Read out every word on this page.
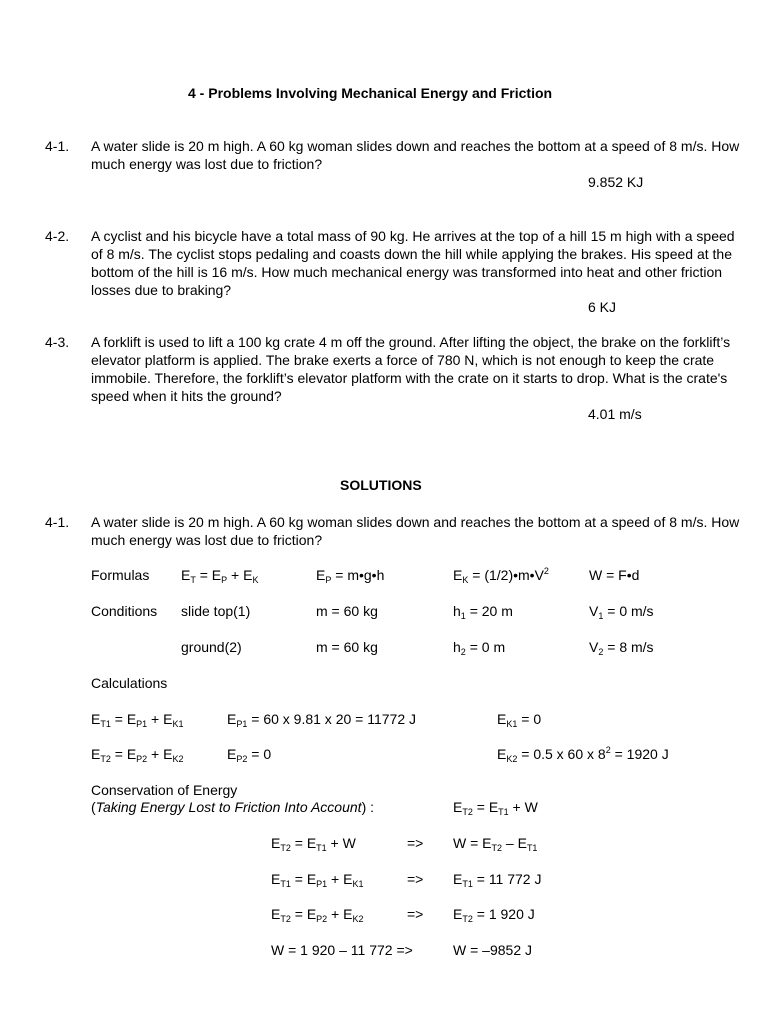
4 - Problems Involving Mechanical Energy and Friction
4-1. A water slide is 20 m high. A 60 kg woman slides down and reaches the bottom at a speed of 8 m/s. How much energy was lost due to friction?
9.852 KJ
4-2. A cyclist and his bicycle have a total mass of 90 kg. He arrives at the top of a hill 15 m high with a speed of 8 m/s. The cyclist stops pedaling and coasts down the hill while applying the brakes. His speed at the bottom of the hill is 16 m/s. How much mechanical energy was transformed into heat and other friction losses due to braking?
6 KJ
4-3. A forklift is used to lift a 100 kg crate 4 m off the ground. After lifting the object, the brake on the forklift’s elevator platform is applied. The brake exerts a force of 780 N, which is not enough to keep the crate immobile. Therefore, the forklift’s elevator platform with the crate on it starts to drop. What is the crate's speed when it hits the ground?
4.01 m/s
SOLUTIONS
4-1. A water slide is 20 m high. A 60 kg woman slides down and reaches the bottom at a speed of 8 m/s. How much energy was lost due to friction?
Formulas $E_T = E_P + E_K$	$E_P$ = m•g•h	$E_K$ = $(1/2)•m•V^2$	W = F•d
Conditions slide top(1)	m = 60 kg	$h_1 = 20$ m	$V_1 = 0$ m/s
ground(2)	m = 60 kg	$h_2 = 0$ m	$V_2 = 8$ m/s
Calculations
$E_{T1} = E_{P1} + E_{K1}$	$E_{P1} = 60$ x 9.81 x 20 = 11772 J	$E_{K1} = 0$
$E_{T2} = E_{P2} + E_{K2}$	$E_{P2} = 0$	$E_{K2} = 0.5$ x 60 x $8^2 = 1920$ J
Conservation of Energy
(Taking Energy Lost to Friction Into Account) :	$E_{T2} = E_{T1} + W$
$E_{T2} = E_{T1} + W$	=> $W = E_{T2} - E_{T1}$
$E_{T1} = E_{P1} + E_{K1}$	=> $E_{T1} = 11$ 772 J
$E_{T2} = E_{P2} + E_{K2}$	=> $E_{T2} = 1$ 920 J
W = 1 920 – 11 772 =>	W = –9852 J
